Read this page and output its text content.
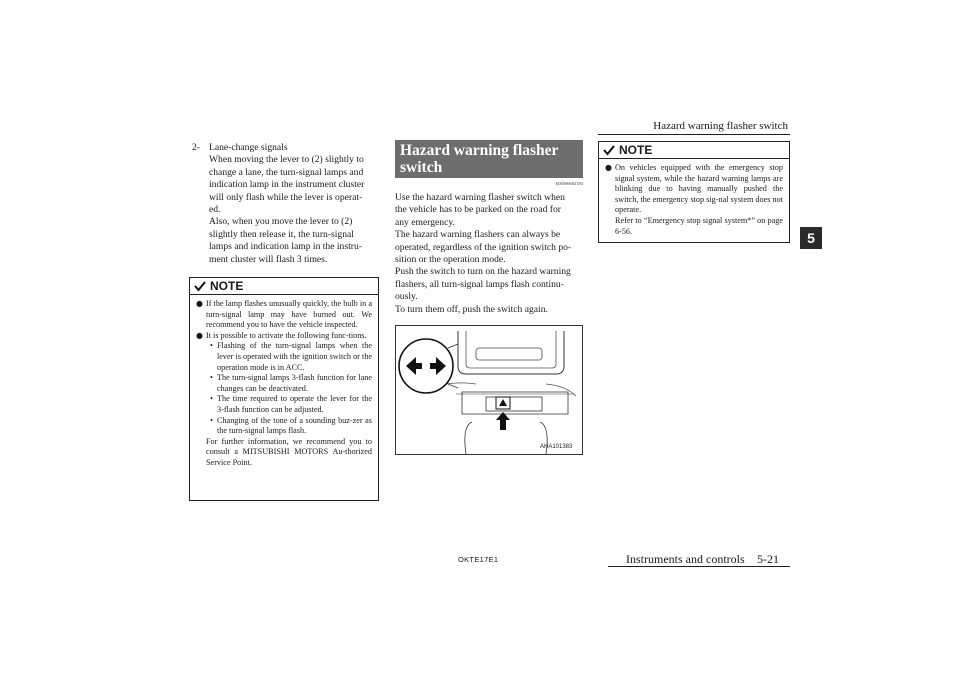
Hazard warning flasher switch
5
2- Lane-change signals
When moving the lever to (2) slightly to
change a lane, the turn-signal lamps and
indication lamp in the instrument cluster
will only flash while the lever is operat-
ed.
Also, when you move the lever to (2)
slightly then release it, the turn-signal
lamps and indication lamp in the instru-
ment cluster will flash 3 times.
NOTE
● If the lamp flashes unusually quickly, the bulb in a turn-signal lamp may have burned out. We recommend you to have the vehicle inspected.
● It is possible to activate the following func-tions.
• Flashing of the turn-signal lamps when the lever is operated with the ignition switch or the operation mode is in ACC.
• The turn-signal lamps 3-flash function for lane changes can be deactivated.
• The time required to operate the lever for the 3-flash function can be adjusted.
• Changing of the tone of a sounding buz-zer as the turn-signal lamps flash.
For further information, we recommend you to consult a MITSUBISHI MOTORS Au-thorized Service Point.
Hazard warning flasher switch
E00506602183
Use the hazard warning flasher switch when
the vehicle has to be parked on the road for
any emergency.
The hazard warning flashers can always be
operated, regardless of the ignition switch po-
sition or the operation mode.
Push the switch to turn on the hazard warning
flashers, all turn-signal lamps flash continu-
ously.
To turn them off, push the switch again.
AHA101383
NOTE
● On vehicles equipped with the emergency stop signal system, while the hazard warning lamps are blinking due to having manually pushed the switch, the emergency stop sig-nal system does not operate.
Refer to “Emergency stop signal system*” on page 6-56.
OKTE17E1	Instruments and controls 5-21
